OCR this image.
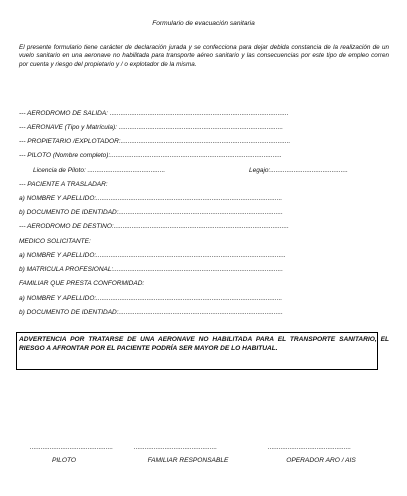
Formulario de evacuación sanitaria
El presente formulario tiene carácter de declaración jurada y se confecciona para dejar debida constancia de la realización de un vuelo sanitario en una aeronave no habilitada para transporte aéreo sanitario y las consecuencias por este tipo de empleo corren por cuenta y riesgo del propietario y / o explotador de la misma.
--- AERODRÓMO DE SALIDA: ...................................................................................................
--- AERONAVE (Tipo y Matrícula): ...........................................................................................
--- PROPIETARIO /EXPLOTADOR:..............................................................................................
--- PILOTO (Nombre completo):...............................................................................................
Licencia de Piloto: ...........................................	Legajo:...........................................
--- PACIENTE A TRASLADAR:
a) NOMBRE Y APELLIDO:.......................................................................................................
b) DOCUMENTO DE IDENTIDAD:...........................................................................................
--- AERÓDROMO DE DESTINO:.................................................................................................
MÉDICO SOLICITANTE:
a) NOMBRE Y APELLIDO:.........................................................................................................
b) MATRÍCULA PROFESIONAL:..............................................................................................
FAMILIAR QUE PRESTA CONFORMIDAD:
a) NOMBRE Y APELLIDO:.......................................................................................................
b) DOCUMENTO DE IDENTIDAD:...........................................................................................
ADVERTENCIA POR TRATARSE DE UNA AERONAVE NO HABILITADA PARA EL TRANSPORTE SANITARIO, EL RIESGO A AFRONTAR POR EL PACIENTE PODRÍA SER MAYOR DE LO HABITUAL.
..............................................	..............................................	..............................................
PILOTO	FAMILIAR RESPONSABLE	OPERADOR ARO / AIS
